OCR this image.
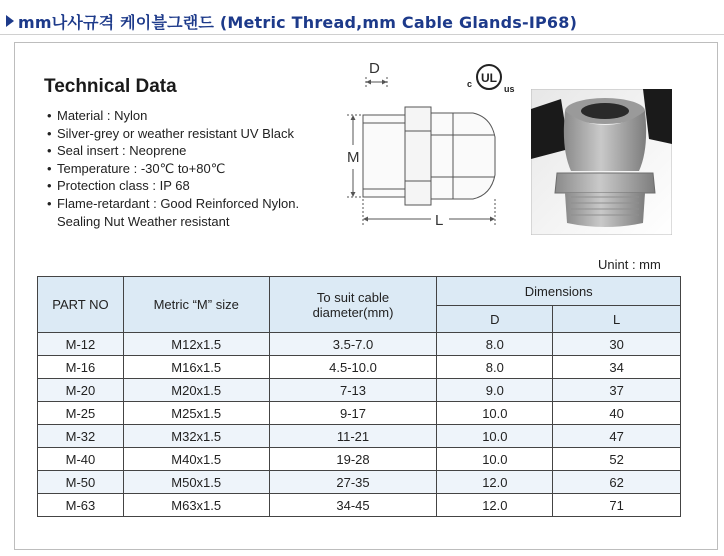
mm나사규격 케이블그랜드 (Metric Thread,mm Cable Glands-IP68)
Technical Data
• Material : Nylon
• Silver-grey or weather resistant UV Black
• Seal insert : Neoprene
• Temperature : -30℃ to+80℃
• Protection class : IP 68
• Flame-retardant : Good Reinforced Nylon.
Sealing Nut Weather resistant
D
M
L
UL
c	us
Unint : mm
PART NO	Metric “M” size	To suit cable diameter(mm)	Dimensions	
			D	L
M-12	M12x1.5	3.5-7.0	8.0	30
M-16	M16x1.5	4.5-10.0	8.0	34
M-20	M20x1.5	7-13	9.0	37
M-25	M25x1.5	9-17	10.0	40
M-32	M32x1.5	11-21	10.0	47
M-40	M40x1.5	19-28	10.0	52
M-50	M50x1.5	27-35	12.0	62
M-63	M63x1.5	34-45	12.0	71
